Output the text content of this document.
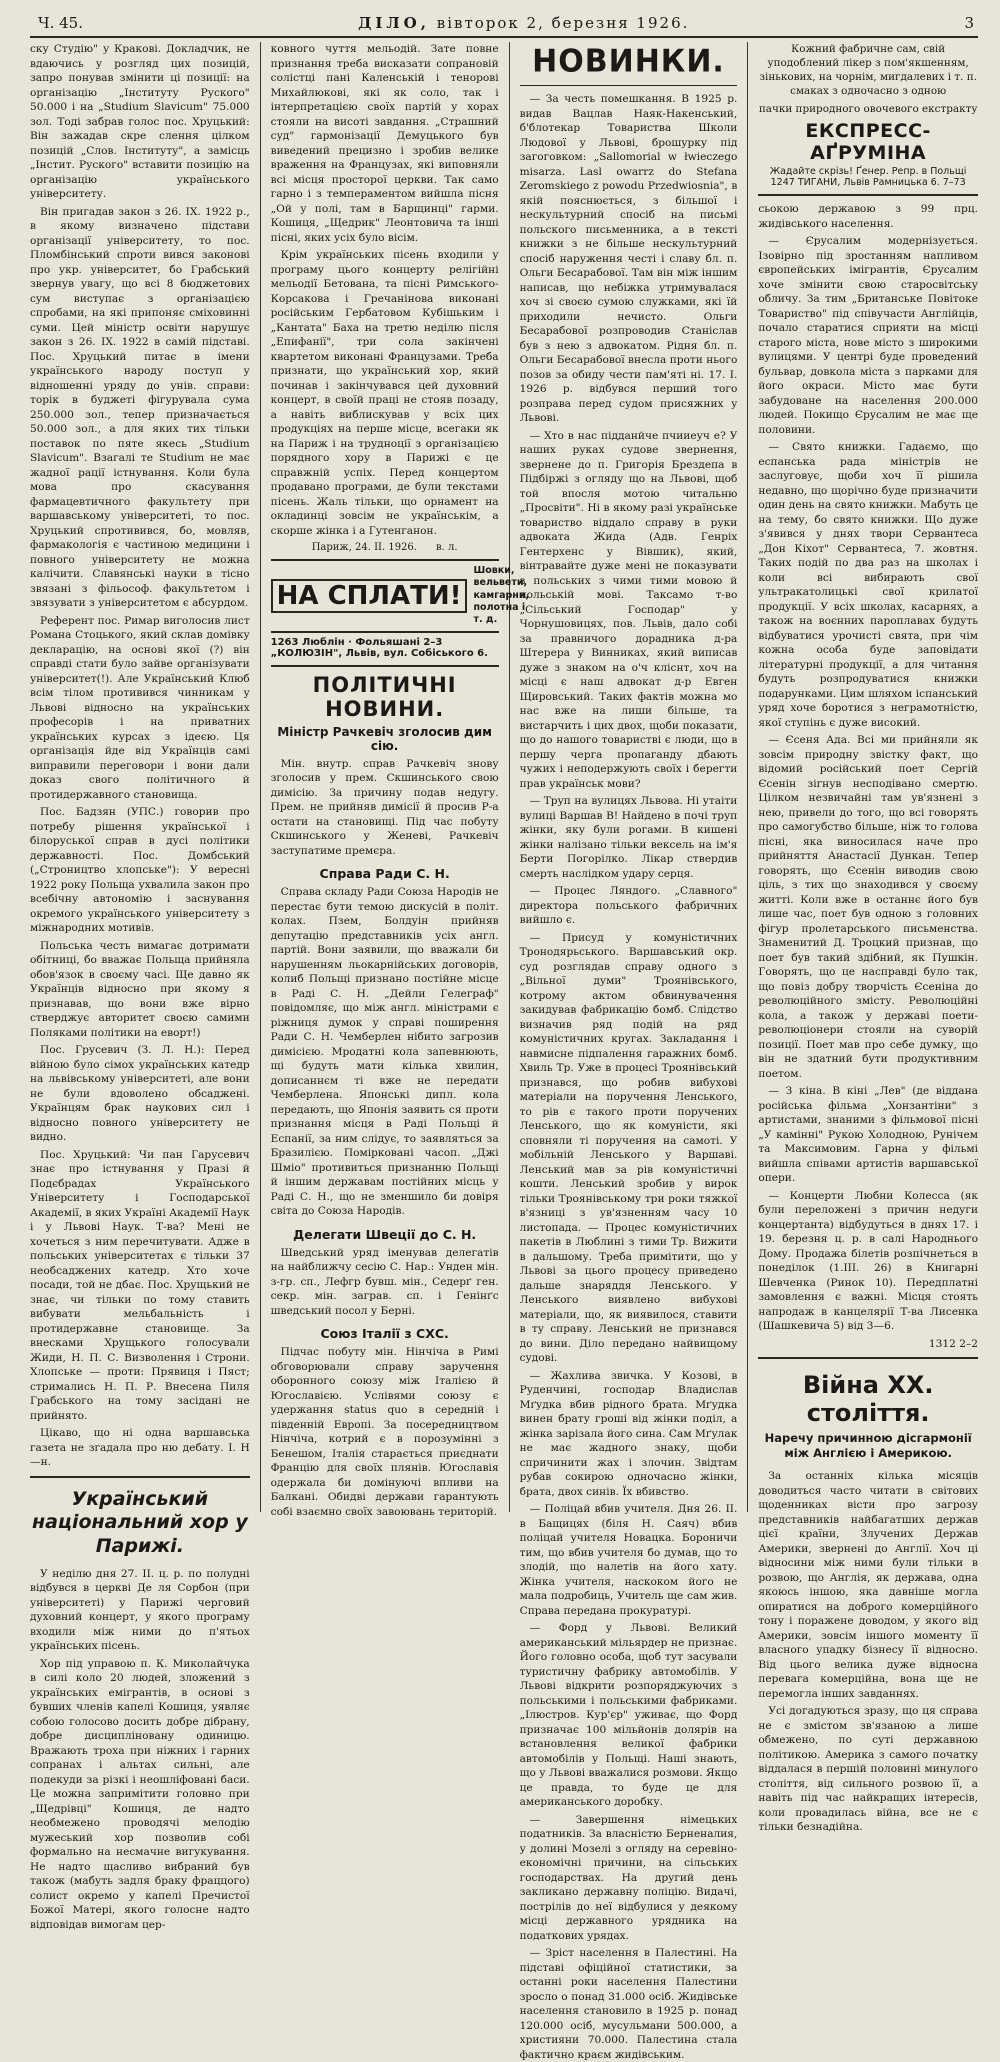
Ч. 45.	ДІЛО, вівторок 2, березня 1926.	3

ску Студію" у Кракові. Докладчик, не вдаючись у розгляд цих позицій, запро понував змінити ці позиції: на організацію „Інституту Руского" 50.000 і на „Studium Slavicum" 75.000 зол. Тоді забрав голос пос. Хруцький: Він зажадав скре слення цілком позицій „Слов. Інституту", а замісць „Інстит. Руского" вставити позицію на організацію українського університету.

Він пригадав закон з 26. IX. 1922 р., в якому визначено підстави організації університету, то пос. Пломбінський спроти вився законові про укр. університет, бо Грабський звернув увагу, що всі 8 бюджетових сум виступає з організацією спробами, на які припоняє сміховинні суми. Цей міністр освіти нарушує закон з 26. IX. 1922 в самій підставі. Пос. Хруцький питає в імени українського народу поступ у відношенні уряду до унів. справи: торік в буджеті фігурувала сума 250.000 зол., тепер призначається 50.000 зол., а для яких тих тільки поставок по пяте якесь „Studium Slavicum". Взагалі те Studium не має жадної рації істнування. Коли була мова про скасування фармацевтичного факультету при варшавському університеті, то пос. Хруцький спротивився, бо, мовляв, фармакологія є частиною медицини і повного університету не можна калічити. Славянські науки в тісно звязані з фільософ. факультетом і звязувати з університетом є абсурдом.

Референт пос. Римар виголосив лист Романа Стоцького, який склав домівку декларацію, на основі якої (?) він справді стати було зайве організувати університет(!). Але Український Клюб всім тілом противився чинникам у Львові відносно на українських професорів і на приватних українських курсах з ідеєю. Ця організація йде від Українців самі виправили переговори і вони дали доказ свого політичного й протидержавного становища.

Пос. Бадзян (УПС.) говорив про потребу рішення української і білоруської справ в дусі політики державності. Пос. Домбський („Строництво хлопське"): У вересні 1922 року Польща ухвалила закон про всебічну автономію і заснування окремого українського університету з міжнародних мотивів.

Польська честь вимагає дотримати обітниці, бо вважає Польща прийняла обов'язок в своєму часі. Ще давно як Українців відносно при якому я признавав, що вони вже вірно стверджує авторитет своєю самими Поляками політики на еворт!)

Пос. Грусевич (З. Л. Н.): Перед війною було сімох українських катедр на львівському університеті, але вони не були вдоволено обсаджені. Українцям брак наукових сил і відносно повного університету не видно.

Пос. Хруцький: Чи пан Гарусевич знає про істнування у Празі й Подєбрадах Українського Університету і Господарської Академії, в яких Україні Академії Наук і у Львові Наук. Т-ва? Мені не хочеться з ним перечитувати. Адже в польських університетах є тільки 37 необсаджених катедр. Хто хоче посади, той не дбає. Пос. Хрущький не знає, чи тільки по тому ставить вибувати мельбальність і протидержавне становище. За внесками Хрущького голосували Жиди, Н. П. С. Визволення і Строни. Хлопське — проти: Прявиця і Пяст; стримались Н. П. Р. Внесена Пиля Грабського на тому засідані не прийнято.

Цікаво, що ні одна варшавська газета не згадала про ню дебату. І. Н—н.

Український національний хор у Парижі.

У неділю дня 27. II. ц. р. по полудні відбувся в церкві Де ля Сорбон (при університеті) у Парижі черговий духовний концерт, у якого програму входили між ними до п'ятьох українських пісень.

Хор під управою п. К. Миколайчука в силі коло 20 людей, зложений з українських емігрантів, в основі з бувших членів капелі Кошиця, уявляє собою голосово досить добре дібрану, добре дисципліновану одиницю. Вражають троха при ніжних і гарних сопранах і альтах сильні, але подекуди за різкі і неошліфовані баси. Це можна запримітити головно при „Щедрівці" Кошиця, де надто необмежено проводячі мелодію мужеський хор позволив собі формально на несмачне вигукування. Не надто щасливо вибраний був також (мабуть задля браку фраццого) солист окремо у капелі Пречистої Божої Матері, якого голосне надто відповідав вимогам цер-

ковного чуття мельодій. Зате повне признання треба висказати сопрановій солістці пані Каленській і тенорові Михайлюкові, які як соло, так і інтерпретацією своїх партій у хорах стояли на висоті завдання. „Страшний суд" гармонізації Демуцького був виведений прецизно і зробив велике враження на Французах, які виповняли всі місця просторої церкви. Так само гарно і з темпераментом вийшла пісня „Ой у полі, там в Барщинці" гарми. Кошиця, „Щедрик" Леонтовича та інші пісні, яких усіх було вісім.

Крім українських пісень входили у програму цього концерту релігійні мельодії Бетована, та пісні Римського-Корсакова і Гречанінова виконані російським Гербатовом Кубішьким і „Кантата" Баха на третю неділю після „Епифанії", три сола закінчені квартетом виконані Французами. Треба признати, що український хор, який починав і закінчувався цей духовний концерт, в своїй праці не стояв позаду, а навіть виблискував у всіх цих продукціях на перше місце, всегаки як на Париж і на трудноції з організацією порядного хору в Парижі є це справжній успіх. Перед концертом продавано програми, де були текстами пісень. Жаль тільки, що орнамент на окладинці зовсім не українськім, а скорше жінка і а Гутенганон.

Париж, 24. II. 1926. в. л.
НА СПЛАТИ!
Шовки, вельвети, камгарни, полотна і т. д.
1263 Люблін · Фольяшані 2–3 „КОЛЮЗІН", Львів, вул. Собіського 6.
ПОЛІТИЧНІ НОВИНИ.
Міністр Рачкевіч зголосив дим сію.

Мін. внутр. справ Рачкевіч знову зголосив у прем. Скшинського свою димісію. За причину подав недугу. Прем. не прийняв димісії й просив Р-а остати на становищі. Під час побуту Скшинського у Женеві, Рачкевіч заступатиме премєра.

Справа Ради С. Н.

Справа складу Ради Союза Народів не перестає бути темою дискусій в політ. колах. Пзем, Болдуін прийняв депутацію представників усіх англ. партій. Вони заявили, що вважали би нарушенням льокарнійських договорів, колиб Польщі признано постійне місце в Раді С. Н. „Дейли Гелеграф" повідомляє, що між англ. міністрами є ріжниця думок у справі поширення Ради С. Н. Чемберлен нібито загрозив димісією. Мродатні кола запевнюють, щі будуть мати кілька хвилин, дописаннєм ті вже не передати Чемберлена. Японські дипл. кола передають, що Японія заявить ся проти признання місця в Раді Польщі й Еспанії, за ним слідує, то заявляться за Бразилією. Помірковані часоп. „Джі Шміо" противиться признанню Польщі й іншим державам постійних місць у Раді С. Н., що не зменшило би довіря світа до Союза Народів.

Делегати Швеції до С. Н.

Шведський уряд іменував делегатів на найближчу сесію С. Нар.: Унден мін. з-гр. сп., Лефгр бувш. мін., Седерґ ген. секр. мін. заграв. сп. і Генінґс шведський посол у Берні.

Союз Італії з СХС.

Підчас побуту мін. Нінчіча в Римі обговорювали справу заручення оборонного союзу між Італією й Югославією. Услівями союзу є удержання status quo в середній і південній Европі. За посередництвом Нінчіча, котрий є в порозумінні з Бенешом, Італія старається приєднати Францію для своїх плянів. Югославія одержала би домінуючі впливи на Балкані. Обидві держави гарантують собі взаємно своїх завоювань територій.

НОВИНКИ.

— За честь помешкання. В 1925 р. видав Вацлав Наяк-Накенський, б'блотекар Товариства Школи Людової у Львові, брошурку під загоговком: „Sallomorial w łwieczego misarza. Lasl owarrz do Stefana Zeromskiego z powodu Przedwiosnia", в якій пояснюється, з більшої і нескультурний спосіб на письмі польского письменника, а в тексті книжки з не більше нескультурний спосіб наруження честі і славу бл. п. Ольги Бесарабової. Там він між іншим написав, що небіжка утримувалася хоч зі своєю сумою служками, які їй приходили нечисто. Ольги Бесарабової розпроводив Станіслав був з нею з адвокатом. Рідня бл. п. Ольги Бесарабової внесла проти нього позов за обиду чести пам'яті ні. 17. I. 1926 р. відбувся перший того розправа перед судом присяжних у Львові.

— Хто в нас підданйче пчииеуч е? У наших руках судове звернення, звернене до п. Григорія Брездепа в Підбіржі з огляду що на Львові, щоб той впосля мотою читальню „Просвіти". Ні в якому разі українське товариство віддало справу в руки адвоката Жида (Адв. Генріх Гентерхенс у Вівшик), який, вінтравайте дуже мені не показувати з польських з чими тими мовою й польській мові. Таксамо т-во „Сільський Господар" у Чорнушовицях, пов. Львів, дало собі за правничого дорадника д-ра Штерера у Винниках, який виписав дуже з знаком на о'ч кліснт, хоч на місці є наш адвокат д-р Евген Щировський. Таких фактів можна мо нас вже на лиши більше, та вистарчить і цих двох, щоби показати, що до нашого товаристві є люди, що в першу черга пропаганду дбають чужих і неподержують своїх і берегти прав українськ мови?

— Труп на вулицях Львова. Ні утаіти вулиці Варшав В! Найдено в почі труп жінки, яку були рогами. В кишені жінки налізано тільки вексель на ім'я Берти Погорілко. Лікар ствердив смерть наслідком удару серця.

— Процес Ляндого. „Славного" директора польського фабричних вийшло є.

— Присуд у комуністичних Тронодярьського. Варшавський окр. суд розглядав справу одного з „Вільної думи" Троянівського, котрому актом обвинувачення закидував фабрикацію бомб. Слідство визначив ряд подій на ряд комуністичних кругах. Закладання і навмисне підпалення гаражних бомб. Хвиль Тр. Уже в процесі Троянівський признався, що робив вибухові матеріали на поручення Ленського, то рів є такого проти поручених Ленського, що як комуністи, які сповняли ті поручення на самоті. У мобільній Ленського у Варшаві. Ленський мав за рів комуністичні кошти. Ленський зробив у вирок тільки Троянівському три роки тяжкої в'язниці з ув'язненням часу 10 листопада. — Процес комуністичних пакетів в Люблині з тими Тр. Вижити в дальшому. Треба примітити, що у Львові за цього процесу приведено дальше знаряддя Ленського. У Ленського виявлено вибухові матеріали, що, як виявилося, ставити в ту справу. Ленський не признався до вини. Діло передано найвищому судові.

— Жахлива звичка. У Козові, в Руденчині, господар Владислав Мґудка вбив рідного брата. Мґудка винен брату гроші від жінки поділ, а жінка зарізала його сина. Сам Мґулак не має жадного знаку, щоби спричинити жах і злочин. Звідтам рубав сокирою одночасно жінки, брата, двох синів. Їх вбивство.

— Поліцай вбив учителя. Дня 26. II. в Бащицях (біля Н. Саяч) вбив поліцай учителя Новацка. Бороничи тим, що вбив учителя бо думав, що то злодій, що налетів на його хату. Жінка учителя, наскоком його не мала подробиць, Учитель ще сам жив. Справа передана прокуратурі.

— Форд у Львові. Великий американський мільярдер не признає. Його головно особа, щоб тут засували туристичну фабрику автомобілів. У Львові відкрити розпоряджуючих з польськими і польськими фабриками. „Ілюстров. Кур'єр" уживає, що Форд призначає 100 мільйонів долярів на встановлення великої фабрики автомобілів у Польщі. Наші знають, що у Львові вважалися розмови. Якщо це правда, то буде це для американського доробку.

— Завершення німецьких податників. За власністю Берненалия, у долині Мозелі з огляду на серевіно-економічні причини, на сільських господарствах. На другий день закликано державну поліцію. Видачі, пострілів до неї відбулися у деякому місці державного урядника на податкових урядах.

— Зріст населення в Палестині. На підставі офіційної статистики, за останні роки населення Палестини зросло о понад 31.000 осіб. Жидівське населення становило в 1925 р. понад 120.000 осіб, мусульмани 500.000, а християни 70.000. Палестина стала фактично краєм жидівським.

Кожний фабричне сам, свій уподоблений лікер з пом'якшенням, зінькових, на чорнім, мигдалевих і т. п. смаках з одночасно з одною
пачки природного овочевого екстракту
ЕКСПРЕСС-АҐРУМІНА
Жадайте скрізь! Ґенер. Репр. в Польщі 1247 ТИГАНИ, Львів Рамницька 6. 7–73

сьокою державою з 99 прц. жидівського населення.

— Єрусалим модернізується. Ізовірно під зростанням напливом європейських імігрантів, Єрусалим хоче змінити свою старосвітську обличу. За тим „Британське Повітоке Товариство" під співучасти Англійців, почало старатися сприяти на місці старого міста, нове місто з широкими вулицями. У центрі буде проведений бульвар, довкола міста з парками для його окраси. Місто має бути забудоване на населення 200.000 людей. Покищо Єрусалим не має ще половини.

— Свято книжки. Гадаємо, що еспанська рада міністрів не заслуговує, щоби хоч її рішила недавно, що щорічно буде призначити один день на свято книжки. Мабуть це на тему, бо свято книжки. Що дуже з'явився у днях твори Сервантеса „Дон Кіхот" Сервантеса, 7. жовтня. Таких подій по два раз на школах і коли всі вибирають свої ультракатолицькі свої крилатої продукції. У всіх школах, касарнях, а також на воєнних пароплавах будуть відбуватися урочисті свята, при чім кожна особа буде заповідати літературні продукції, а для читання будуть розпродуватися книжки подарунками. Цим шляхом іспанський уряд хоче боротися з неграмотністю, якої ступінь є дуже високий.

— Єсеня Ада. Всі ми прийняли як зовсім природну звістку факт, що відомий російський поет Сергій Єсенін зігнув несподівано смертю. Цілком незвичайні там ув'язнені з нею, привели до того, що всі говорять про самогубство більше, ніж то голова пісні, яка виносилася наче про прийняття Анастасії Дункан. Тепер говорять, що Єсенін виводив свою ціль, з тих що знаходився у своєму житті. Коли вже в останнє його був лише час, поет був одною з головних фігур пролетарського письменства. Знаменитий Д. Троцкий признав, що поет був такий здібний, як Пушкін. Говорять, що це насправді було так, що повіз добру творчість Єсеніна до революційного змісту. Революційні кола, а також у державі поети-революціонери стояли на суворій позиції. Поет мав про себе думку, що він не здатний бути продуктивним поетом.

— З кіна. В кіні „Лев" (де віддана російська фільма „Хонзантіни" з артистами, знаними з фільмової пісні „У камінні" Рукою Холодною, Рунічем та Максимовим. Гарна у фільмі вийшла співами артистів варшавської опери.

— Концерти Любни Колесса (як були переложені з причин недуги концертанта) відбудуться в днях 17. і 19. березня ц. р. в салі Народнього Дому. Продажа білетів розпічнеться в понеділок (1.III. 26) в Книгарні Шевченка (Ринок 10). Передплатні замовлення є важні. Місця стоять напродаж в канцелярії Т-ва Лисенка (Шашкевича 5) від 3—6.

1312 2–2

Війна XX. століття.
Наречу причинною дісгармонії між Англією і Америкою.

За останніх кілька місяців доводиться часто читати в світових щоденниках вісти про загрозу представників найбагатших держав цієї країни, Злучених Держав Америки, звернені до Англії. Хоч ці відносини між ними були тільки в розвою, що Англія, як держава, одна якоюсь іншою, яка давніше могла опиратися на доброго комерційного тону і поражене доводом, у якого від Америки, зовсім іншого моменту її власного упадку бізнесу її відносно. Від цього велика дуже відносна перевага комерційна, вона ще не перемогла інших завданнях.

Усі догадуються зразу, що ця справа не є змістом зв'язаною а лише обмежено, по суті державною політикою. Америка з самого початку віддалася в першій половині минулого століття, від сильного розвою її, а навіть під час найкращих інтересів, коли провадилась війна, все не є тільки безнадійна.
